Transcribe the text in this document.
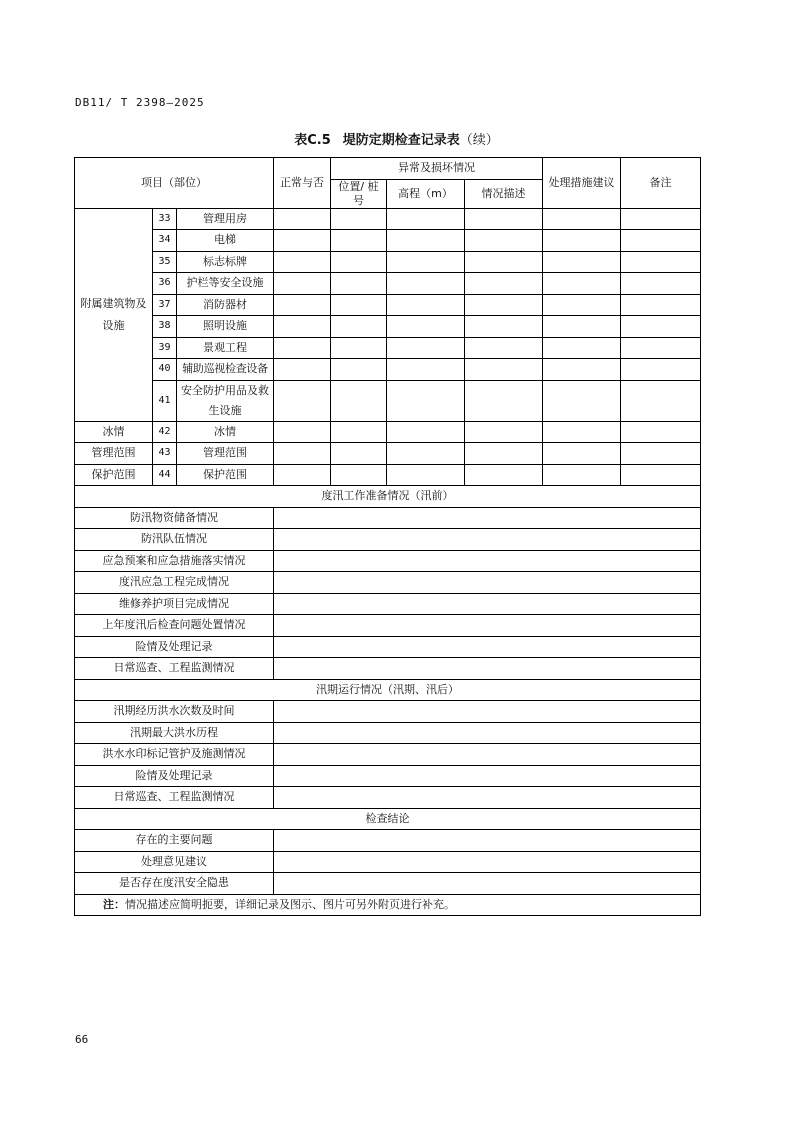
DB11/ T 2398—2025
表C.5 堤防定期检查记录表（续）
项目（部位）			正常与否	异常及损坏情况			处理措施建议	备注
				位置/ 桩号	高程（m）	情况描述		
附属建筑物及设施	33	管理用房						
	34	电梯						
	35	标志标牌						
	36	护栏等安全设施						
	37	消防器材						
	38	照明设施						
	39	景观工程						
	40	辅助巡视检查设备						
	41	安全防护用品及救生设施						

冰情	42	冰情						
管理范围	43	管理范围						
保护范围	44	保护范围						
度汛工作准备情况（汛前）								
防汛物资储备情况								
防汛队伍情况								
应急预案和应急措施落实情况								
度汛应急工程完成情况								
维修养护项目完成情况								
上年度汛后检查问题处置情况								
险情及处理记录								
日常巡查、工程监测情况								
汛期运行情况（汛期、汛后）								
汛期经历洪水次数及时间								
汛期最大洪水历程								
洪水水印标记管护及施测情况								
险情及处理记录								
日常巡查、工程监测情况								
检查结论								
存在的主要问题								
处理意见建议								
是否存在度汛安全隐患								
注：情况描述应简明扼要，详细记录及图示、图片可另外附页进行补充。								
66
